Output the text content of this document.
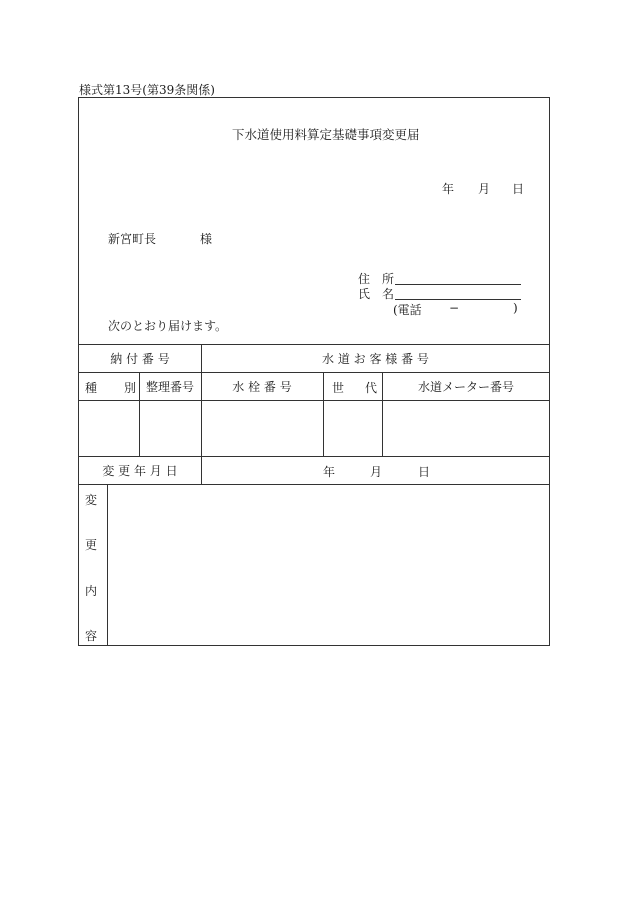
様式第13号(第39条関係)
下水道使用料算定基礎事項変更届
年 月 日
新宮町長	様
住　所
氏　名
(電話 −	)
次のとおり届けます。
納 付 番 号	水 道 お 客 様 番 号
種 別 整理番号	水 栓 番 号	世 代	水道メーター番号
変 更 年 月 日	年	月	日
変
更
内
容
